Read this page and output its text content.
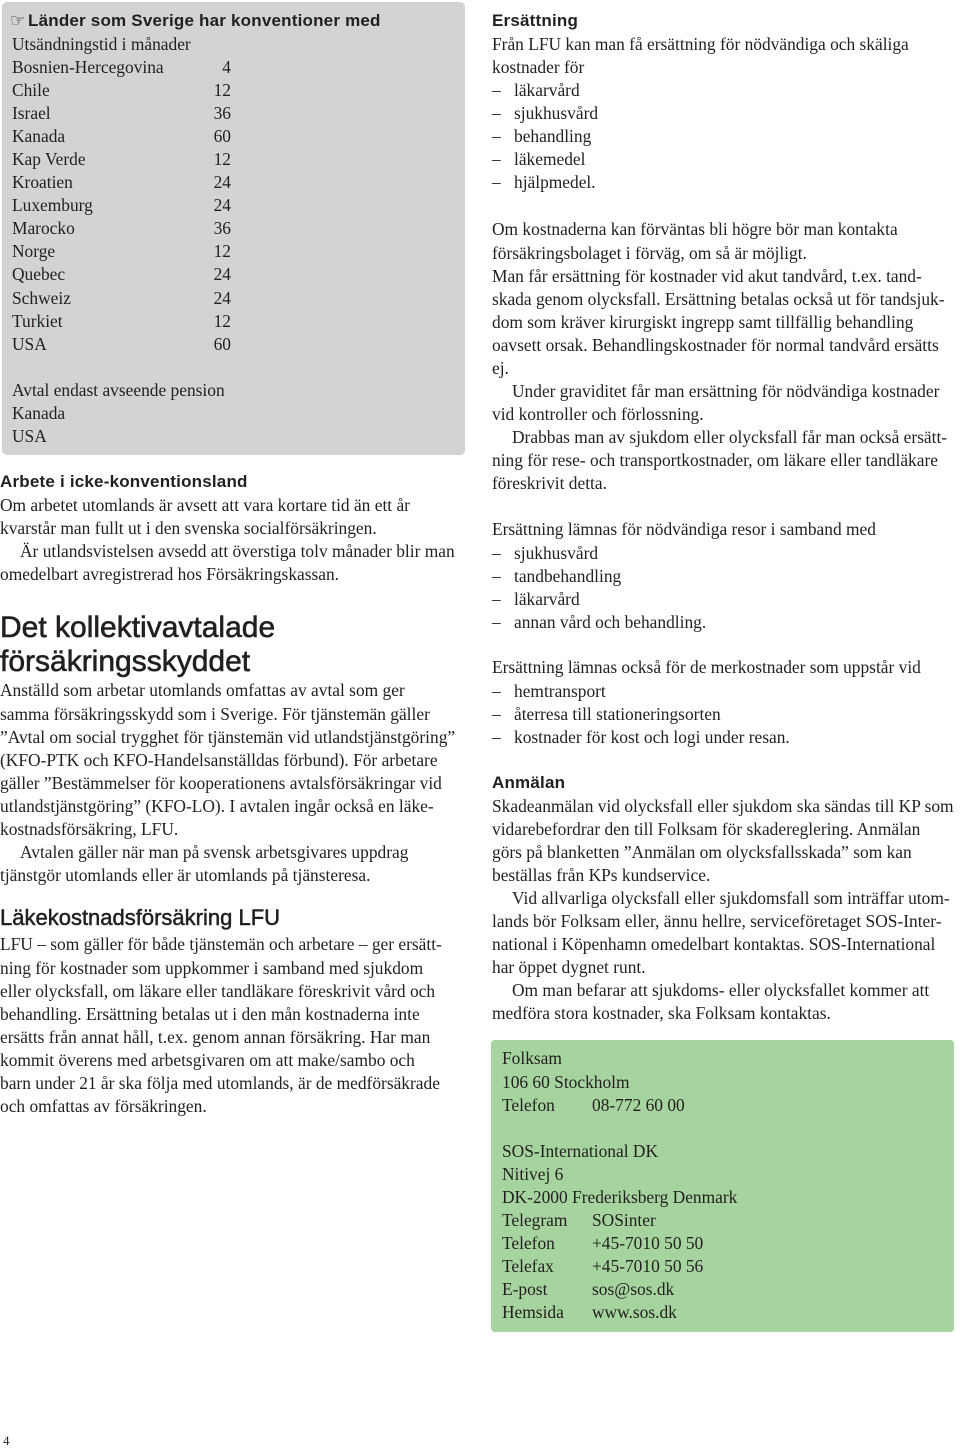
☞Länder som Sverige har konventioner med
Utsändningstid i månader
Bosnien-Hercegovina	4
Chile	12
Israel	36
Kanada	60
Kap Verde	12
Kroatien	24
Luxemburg	24
Marocko	36
Norge	12
Quebec	24
Schweiz	24
Turkiet	12
USA	60
Avtal endast avseende pension
Kanada
USA
Arbete i icke-konventionsland
Om arbetet utomlands är avsett att vara kortare tid än ett år
kvarstår man fullt ut i den svenska socialförsäkringen.
Är utlandsvistelsen avsedd att överstiga tolv månader blir man
omedelbart avregistrerad hos Försäkringskassan.
Det kollektivavtalade
försäkringsskyddet
Anställd som arbetar utomlands omfattas av avtal som ger
samma försäkringsskydd som i Sverige. För tjänstemän gäller
”Avtal om social trygghet för tjänstemän vid utlandstjänstgöring”
(KFO-PTK och KFO-Handelsanställdas förbund). För arbetare
gäller ”Bestämmelser för kooperationens avtalsförsäkringar vid
utlandstjänstgöring” (KFO-LO). I avtalen ingår också en läke-
kostnadsförsäkring, LFU.
Avtalen gäller när man på svensk arbetsgivares uppdrag
tjänstgör utomlands eller är utomlands på tjänsteresa.
Läkekostnadsförsäkring LFU
LFU – som gäller för både tjänstemän och arbetare – ger ersätt-
ning för kostnader som uppkommer i samband med sjukdom
eller olycksfall, om läkare eller tandläkare föreskrivit vård och
behandling. Ersättning betalas ut i den mån kostnaderna inte
ersätts från annat håll, t.ex. genom annan försäkring. Har man
kommit överens med arbetsgivaren om att make/sambo och
barn under 21 år ska följa med utomlands, är de medförsäkrade
och omfattas av försäkringen.
Ersättning
Från LFU kan man få ersättning för nödvändiga och skäliga
kostnader för
– läkarvård
– sjukhusvård
– behandling
– läkemedel
– hjälpmedel.
Om kostnaderna kan förväntas bli högre bör man kontakta
försäkringsbolaget i förväg, om så är möjligt.
Man får ersättning för kostnader vid akut tandvård, t.ex. tand-
skada genom olycksfall. Ersättning betalas också ut för tandsjuk-
dom som kräver kirurgiskt ingrepp samt tillfällig behandling
oavsett orsak. Behandlingskostnader för normal tandvård ersätts
ej.
Under graviditet får man ersättning för nödvändiga kostnader
vid kontroller och förlossning.
Drabbas man av sjukdom eller olycksfall får man också ersätt-
ning för rese- och transportkostnader, om läkare eller tandläkare
föreskrivit detta.
Ersättning lämnas för nödvändiga resor i samband med
– sjukhusvård
– tandbehandling
– läkarvård
– annan vård och behandling.
Ersättning lämnas också för de merkostnader som uppstår vid
– hemtransport
– återresa till stationeringsorten
– kostnader för kost och logi under resan.
Anmälan
Skadeanmälan vid olycksfall eller sjukdom ska sändas till KP som
vidarebefordrar den till Folksam för skadereglering. Anmälan
görs på blanketten ”Anmälan om olycksfallsskada” som kan
beställas från KPs kundservice.
Vid allvarliga olycksfall eller sjukdomsfall som inträffar utom-
lands bör Folksam eller, ännu hellre, serviceföretaget SOS-Inter-
national i Köpenhamn omedelbart kontaktas. SOS-International
har öppet dygnet runt.
Om man befarar att sjukdoms- eller olycksfallet kommer att
medföra stora kostnader, ska Folksam kontaktas.
Folksam
106 60 Stockholm
Telefon	08-772 60 00
SOS-International DK
Nitivej 6
DK-2000 Frederiksberg Denmark
Telegram	SOSinter
Telefon	+45-7010 50 50
Telefax	+45-7010 50 56
E-post	sos@sos.dk
Hemsida	www.sos.dk
4
